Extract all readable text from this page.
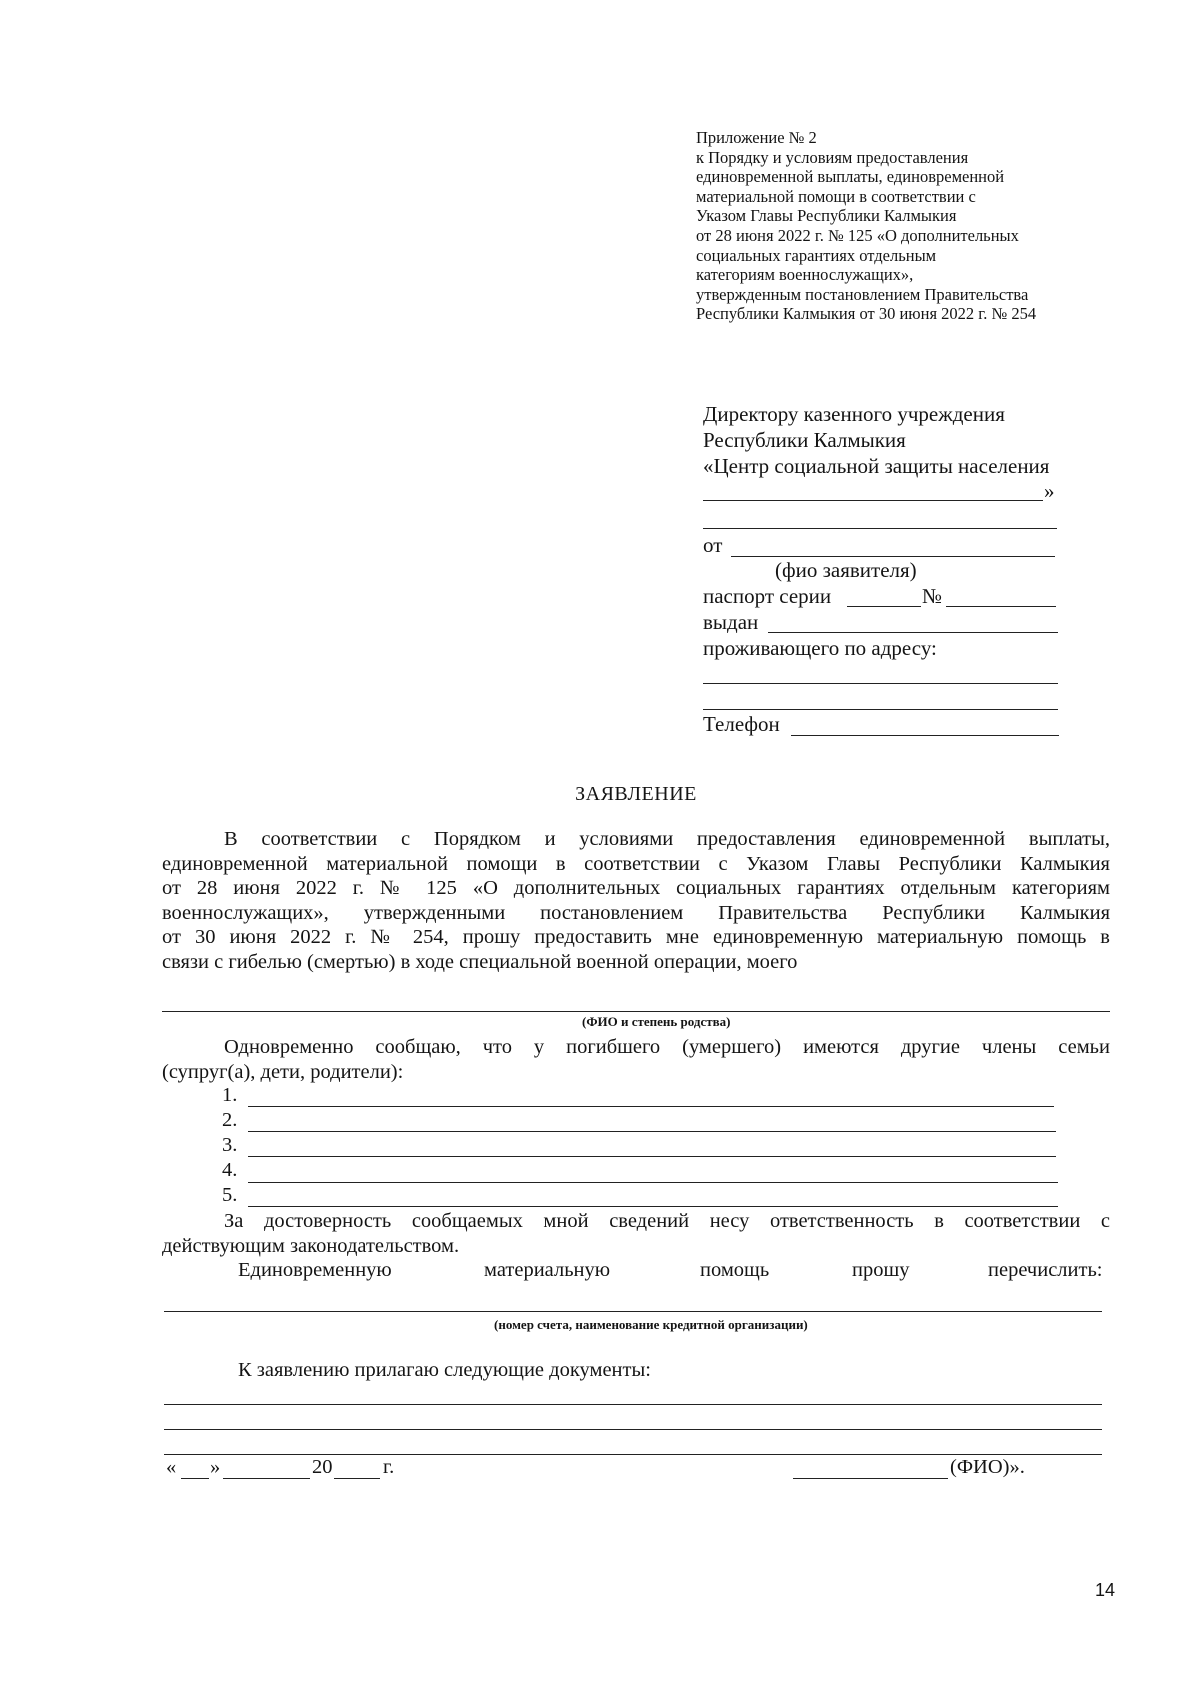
Приложение № 2
к Порядку и условиям предоставления
единовременной выплаты, единовременной
материальной помощи в соответствии с
Указом Главы Республики Калмыкия
от 28 июня 2022 г. № 125 «О дополнительных
социальных гарантиях отдельным
категориям военнослужащих»,
утвержденным постановлением Правительства
Республики Калмыкия от 30 июня 2022 г. № 254
Директору казенного учреждения
Республики Калмыкия
«Центр социальной защиты населения
»
от
(фио заявителя)
паспорт серии	№
выдан
проживающего по адресу:
Телефон
ЗАЯВЛЕНИЕ
В соответствии с Порядком и условиями предоставления единовременной выплаты,
единовременной материальной помощи в соответствии с Указом Главы Республики Калмыкия
от 28 июня 2022 г. № 125 «О дополнительных социальных гарантиях отдельным категориям
военнослужащих», утвержденными постановлением Правительства Республики Калмыкия
от 30 июня 2022 г. № 254, прошу предоставить мне единовременную материальную помощь в
связи с гибелью (смертью) в ходе специальной военной операции, моего
(ФИО и степень родства)
Одновременно сообщаю, что у погибшего (умершего) имеются другие члены семьи
(супруг(а), дети, родители):
1.
2.
3.
4.
5.
За достоверность сообщаемых мной сведений несу ответственность в соответствии с
действующим законодательством.
Единовременную	материальную	помощь	прошу	перечислить:
(номер счета, наименование кредитной организации)
К заявлению прилагаю следующие документы:
« »	20 г.	(ФИО)».
14
